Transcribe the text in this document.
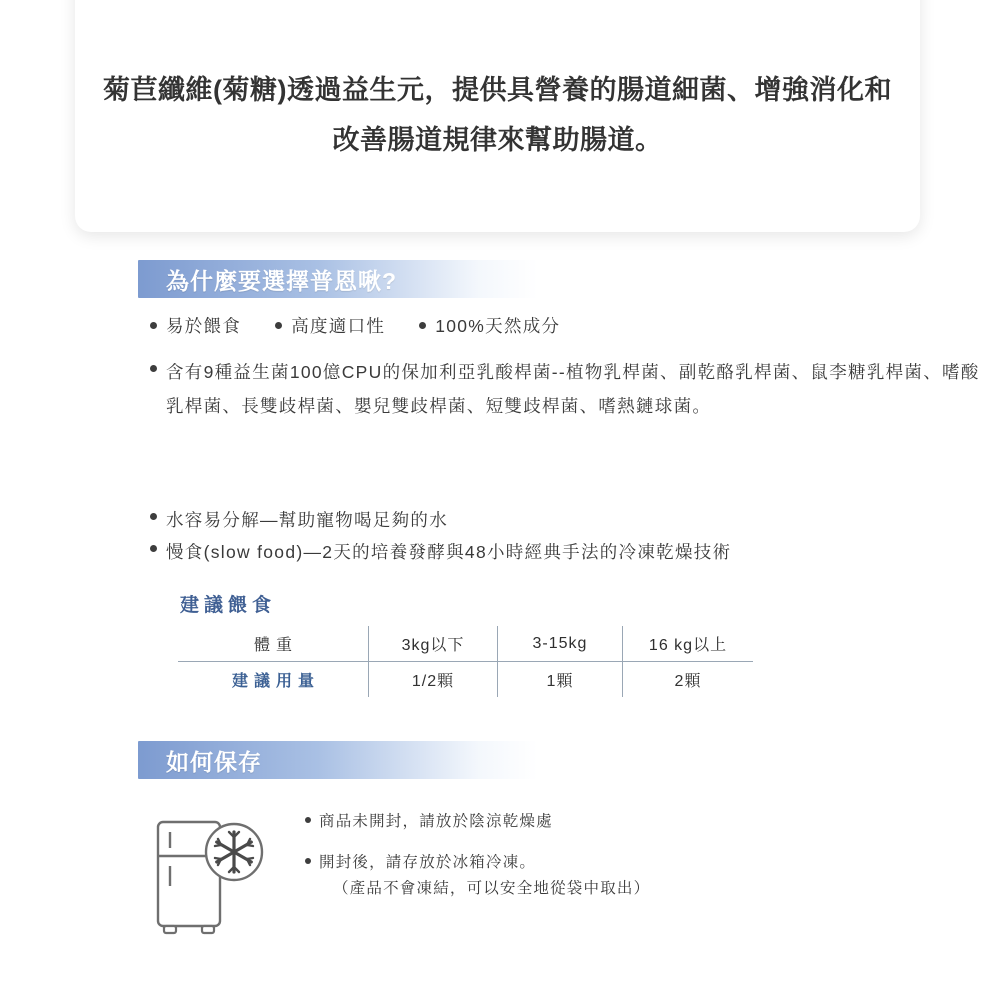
菊苣纖維(菊糖)透過益生元，提供具營養的腸道細菌、增強消化和改善腸道規律來幫助腸道。
為什麼要選擇普恩啾?
易於餵食	高度適口性	100%天然成分
含有9種益生菌100億CPU的保加利亞乳酸桿菌--植物乳桿菌、副乾酪乳桿菌、鼠李糖乳桿菌、嗜酸乳桿菌、長雙歧桿菌、嬰兒雙歧桿菌、短雙歧桿菌、嗜熱鏈球菌。
水容易分解—幫助寵物喝足夠的水
慢食(slow food)—2天的培養發酵與48小時經典手法的冷凍乾燥技術
建議餵食
體重	3kg以下	3-15kg	16 kg以上
建議用量	1/2顆	1顆	2顆
如何保存
商品未開封，請放於陰涼乾燥處
開封後，請存放於冰箱冷凍。
（產品不會凍結，可以安全地從袋中取出）
